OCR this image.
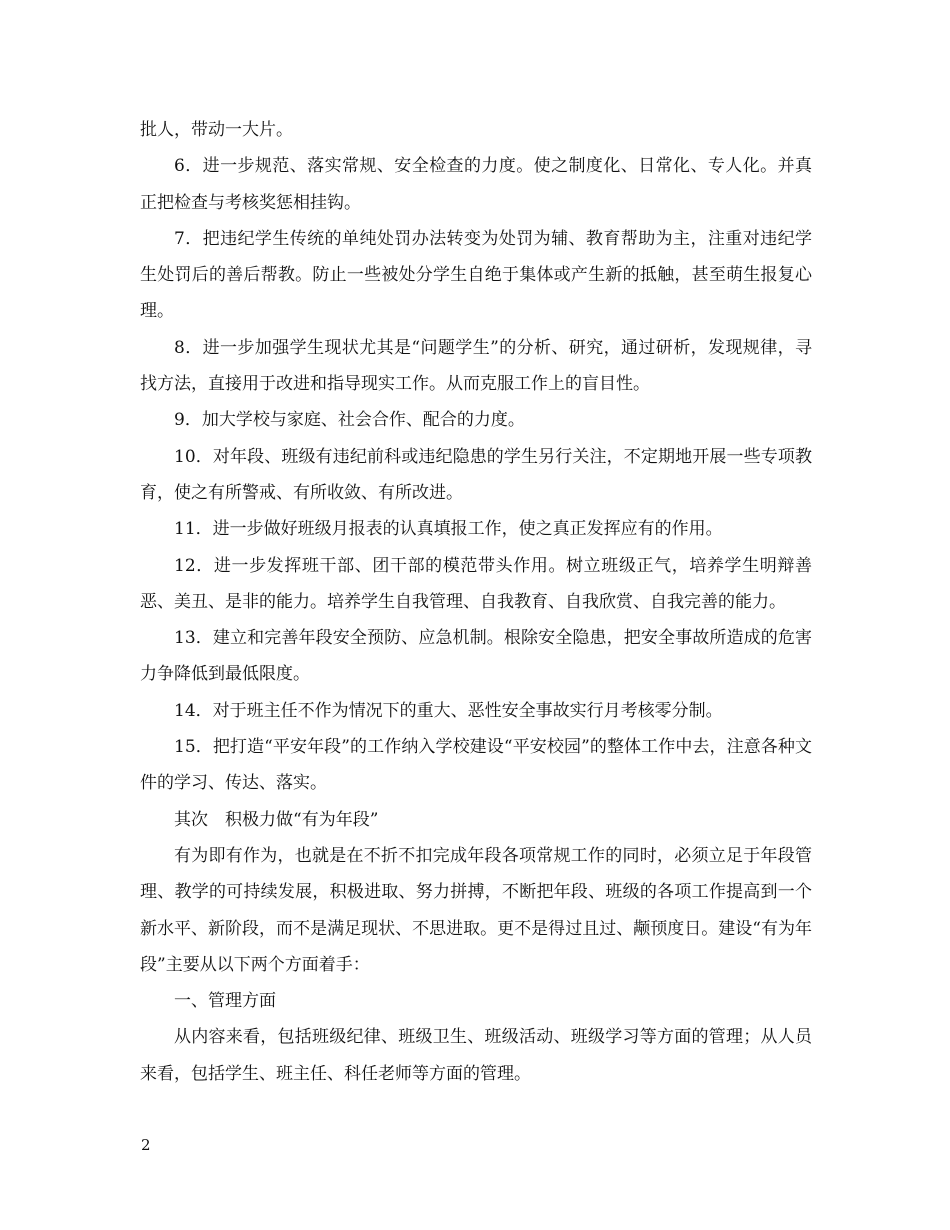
批人，带动一大片。

6．进一步规范、落实常规、安全检查的力度。使之制度化、日常化、专人化。并真正把检查与考核奖惩相挂钩。

7．把违纪学生传统的单纯处罚办法转变为处罚为辅、教育帮助为主，注重对违纪学生处罚后的善后帮教。防止一些被处分学生自绝于集体或产生新的抵触，甚至萌生报复心理。

8．进一步加强学生现状尤其是“问题学生”的分析、研究，通过研析，发现规律，寻找方法，直接用于改进和指导现实工作。从而克服工作上的盲目性。

9．加大学校与家庭、社会合作、配合的力度。

10．对年段、班级有违纪前科或违纪隐患的学生另行关注，不定期地开展一些专项教育，使之有所警戒、有所收敛、有所改进。

11．进一步做好班级月报表的认真填报工作，使之真正发挥应有的作用。

12．进一步发挥班干部、团干部的模范带头作用。树立班级正气，培养学生明辩善恶、美丑、是非的能力。培养学生自我管理、自我教育、自我欣赏、自我完善的能力。

13．建立和完善年段安全预防、应急机制。根除安全隐患，把安全事故所造成的危害力争降低到最低限度。

14．对于班主任不作为情况下的重大、恶性安全事故实行月考核零分制。

15．把打造“平安年段”的工作纳入学校建设“平安校园”的整体工作中去，注意各种文件的学习、传达、落实。

其次　积极力做“有为年段”

有为即有作为，也就是在不折不扣完成年段各项常规工作的同时，必须立足于年段管理、教学的可持续发展，积极进取、努力拼搏，不断把年段、班级的各项工作提高到一个新水平、新阶段，而不是满足现状、不思进取。更不是得过且过、颟顸度日。建设“有为年段”主要从以下两个方面着手：

一、管理方面

从内容来看，包括班级纪律、班级卫生、班级活动、班级学习等方面的管理；从人员来看，包括学生、班主任、科任老师等方面的管理。

2
